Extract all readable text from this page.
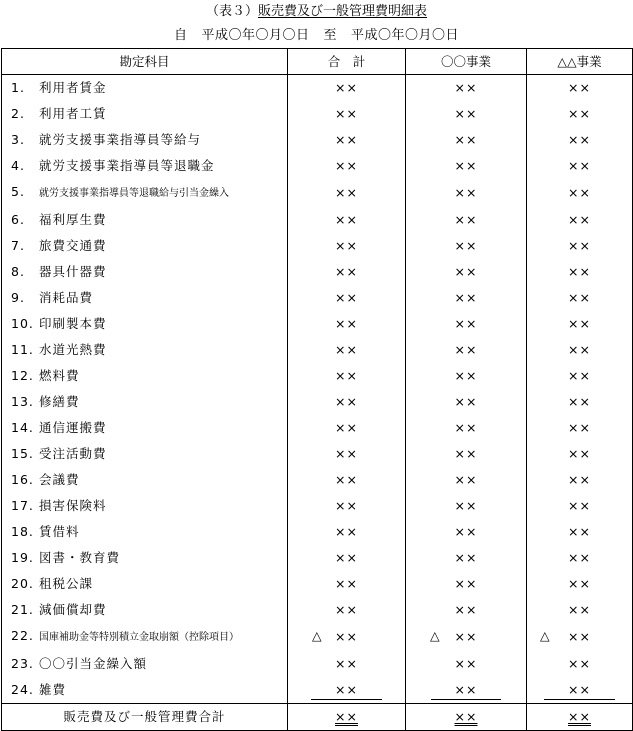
（表３）販売費及び一般管理費明細表
自 平成〇年〇月〇日 至 平成〇年〇月〇日
勘定科目	合　計	〇〇事業	△△事業
1. 利用者賃金	××	××	××
2. 利用者工賃	××	××	××
3. 就労支援事業指導員等給与	××	××	××
4. 就労支援事業指導員等退職金	××	××	××
5. 就労支援事業指導員等退職給与引当金繰入	××	××	××
6. 福利厚生費	××	××	××
7. 旅費交通費	××	××	××
8. 器具什器費	××	××	××
9. 消耗品費	××	××	××
10. 印刷製本費	××	××	××
11. 水道光熱費	××	××	××
12. 燃料費	××	××	××
13. 修繕費	××	××	××
14. 通信運搬費	××	××	××
15. 受注活動費	××	××	××
16. 会議費	××	××	××
17. 損害保険料	××	××	××
18. 賃借料	××	××	××
19. 図書・教育費	××	××	××
20. 租税公課	××	××	××
21. 減価償却費	××	××	××
22. 国庫補助金等特別積立金取崩額（控除項目）	△ ××	△ ××	△ ××
23. 〇〇引当金繰入額	××	××	××
24. 雑費	××	××	××
販売費及び一般管理費合計	××	××	××
